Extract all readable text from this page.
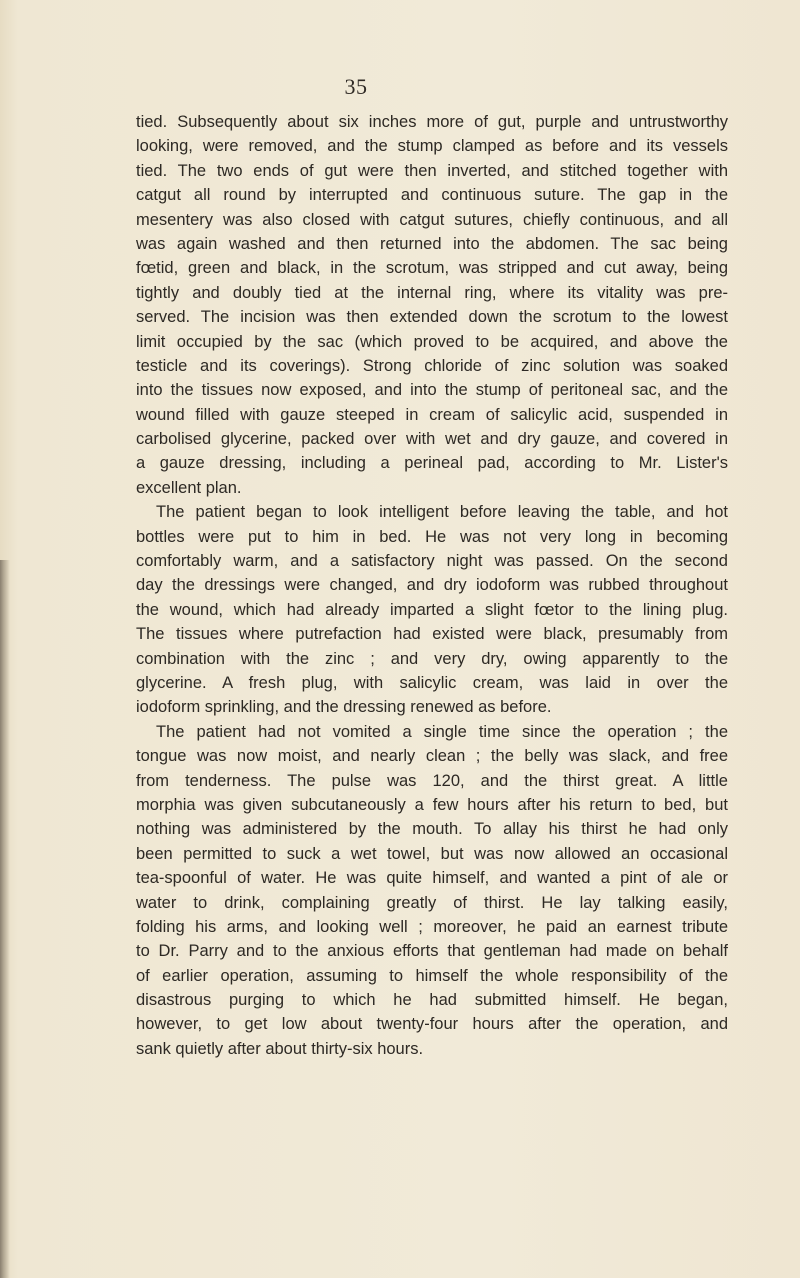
35
tied. Subsequently about six inches more of gut, purple and untrustworthy
looking, were removed, and the stump clamped as before and its vessels
tied. The two ends of gut were then inverted, and stitched together with
catgut all round by interrupted and continuous suture. The gap in the
mesentery was also closed with catgut sutures, chiefly continuous, and all
was again washed and then returned into the abdomen. The sac being
fœtid, green and black, in the scrotum, was stripped and cut away, being
tightly and doubly tied at the internal ring, where its vitality was pre-
served. The incision was then extended down the scrotum to the lowest
limit occupied by the sac (which proved to be acquired, and above the
testicle and its coverings). Strong chloride of zinc solution was soaked
into the tissues now exposed, and into the stump of peritoneal sac, and the
wound filled with gauze steeped in cream of salicylic acid, suspended in
carbolised glycerine, packed over with wet and dry gauze, and covered in
a gauze dressing, including a perineal pad, according to Mr. Lister's
excellent plan.
The patient began to look intelligent before leaving the table, and hot
bottles were put to him in bed. He was not very long in becoming
comfortably warm, and a satisfactory night was passed. On the second
day the dressings were changed, and dry iodoform was rubbed throughout
the wound, which had already imparted a slight fœtor to the lining plug.
The tissues where putrefaction had existed were black, presumably from
combination with the zinc ; and very dry, owing apparently to the
glycerine. A fresh plug, with salicylic cream, was laid in over the
iodoform sprinkling, and the dressing renewed as before.
The patient had not vomited a single time since the operation ; the
tongue was now moist, and nearly clean ; the belly was slack, and free
from tenderness. The pulse was 120, and the thirst great. A little
morphia was given subcutaneously a few hours after his return to bed, but
nothing was administered by the mouth. To allay his thirst he had only
been permitted to suck a wet towel, but was now allowed an occasional
tea-spoonful of water. He was quite himself, and wanted a pint of ale or
water to drink, complaining greatly of thirst. He lay talking easily,
folding his arms, and looking well ; moreover, he paid an earnest tribute
to Dr. Parry and to the anxious efforts that gentleman had made on behalf
of earlier operation, assuming to himself the whole responsibility of the
disastrous purging to which he had submitted himself. He began,
however, to get low about twenty-four hours after the operation, and
sank quietly after about thirty-six hours.
